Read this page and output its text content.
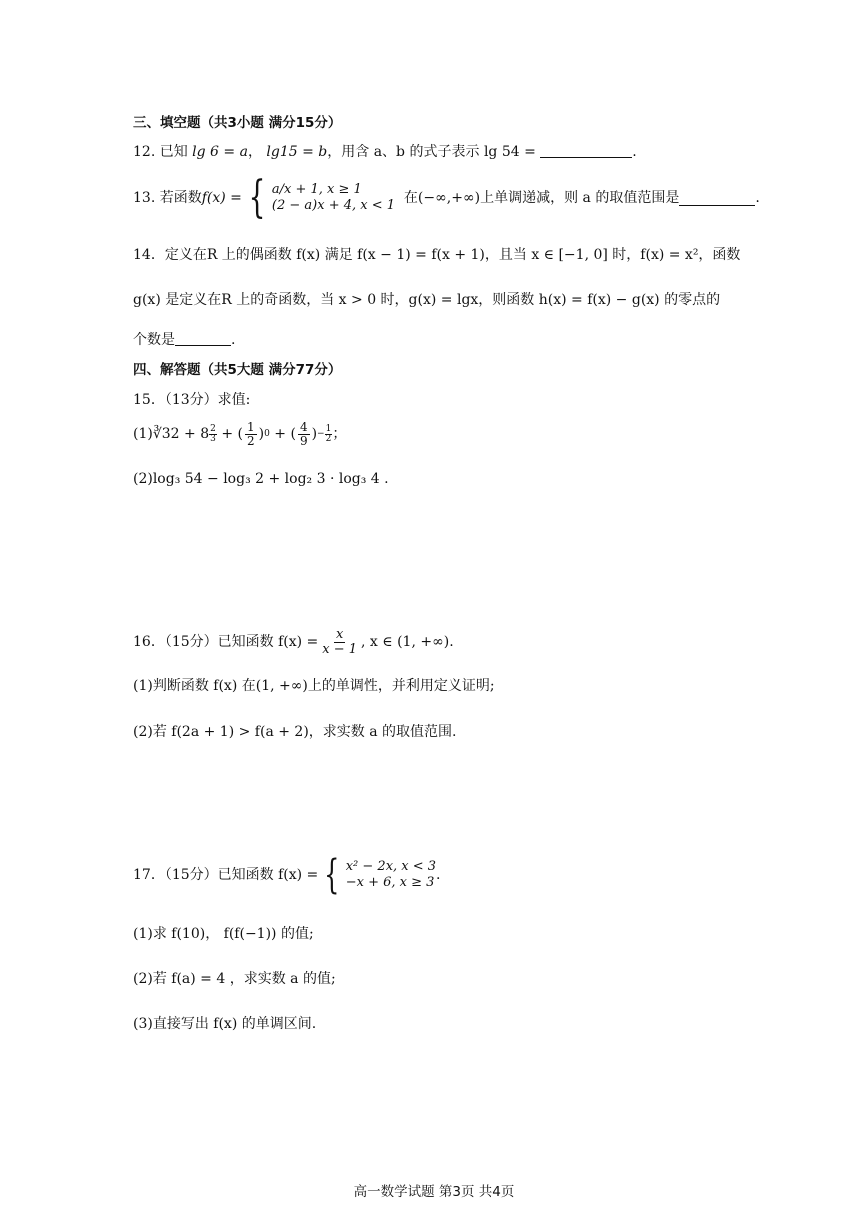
三、填空题（共3小题 满分15分）
12. 已知 lg 6 = a， lg15 = b，用含 a、b 的式子表示 lg 54 =	.
13.
若函数 f(x) = { a/x + 1, x ≥ 1
(2 − a)x + 4, x < 1
在(−∞,+∞)上单调递减，则 a 的取值范围是	.
14．定义在R 上的偶函数 f(x) 满足 f(x − 1) = f(x + 1)，且当 x ∈ [−1, 0] 时，f(x) = x²，函数
g(x) 是定义在R 上的奇函数，当 x > 0 时，g(x) = lgx，则函数 h(x) = f(x) − g(x) 的零点的
个数是	.
四、解答题（共5大题 满分77分）
15．（13分）求值:
(1) ∛32
+ $8 \frac{2}{3}$
+ ( $\frac{1}{2}$ ) 0
+ ( $\frac{4}{9}$ ) − $\frac{1}{2}$ ；
(2)log₃ 54 − log₃ 2 + log₂ 3 · log₃ 4 .
16．（15分）已知函数 $f(x) = \frac{x}{x - 1}$ , x ∈ (1, +∞).
(1)判断函数 f(x) 在(1, +∞)上的单调性，并利用定义证明;
(2)若 f(2a + 1) > f(a + 2)，求实数 a 的取值范围.
17．（15分）已知函数 f(x) = { x² − 2x, x < 3
−x + 6, x ≥ 3 .
(1)求 f(10)， f(f(−1)) 的值;
(2)若 f(a) = 4 ，求实数 a 的值;
(3)直接写出 f(x) 的单调区间.
高一数学试题 第3页 共4页
